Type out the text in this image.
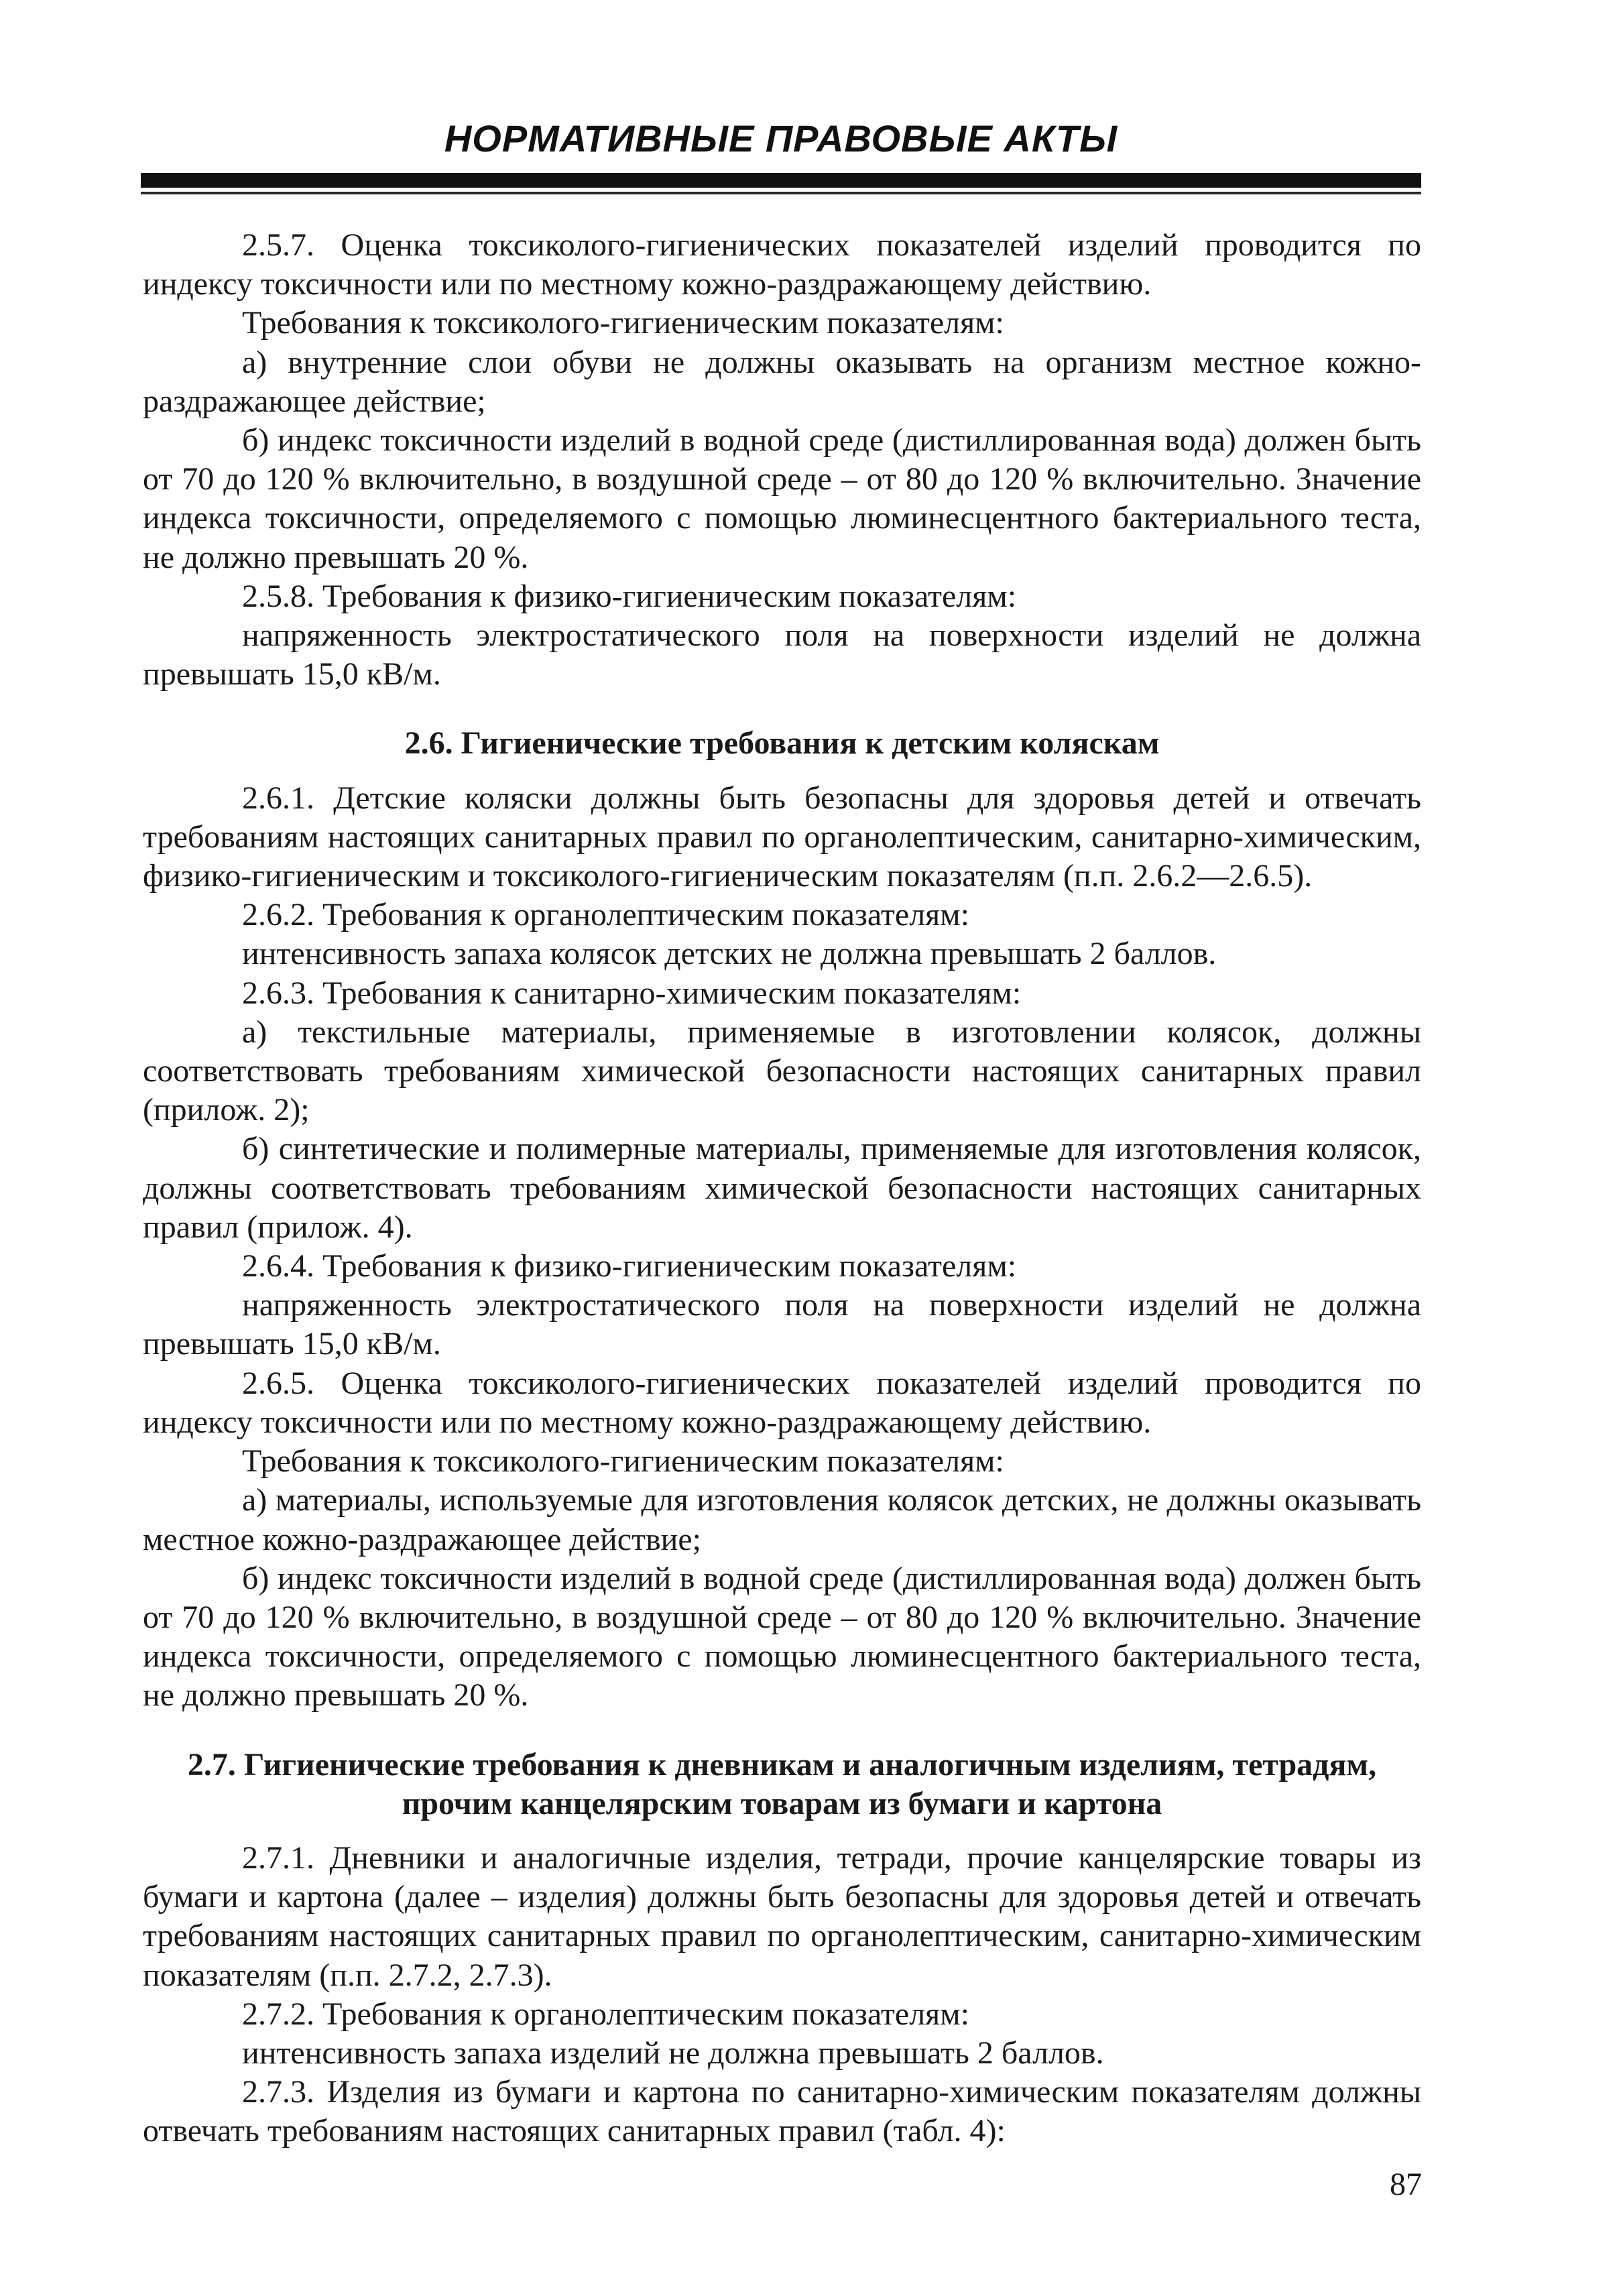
НОРМАТИВНЫЕ ПРАВОВЫЕ АКТЫ

2.5.7. Оценка токсиколого-гигиенических показателей изделий проводится по индексу токсичности или по местному кожно-раздражающему действию.

Требования к токсиколого-гигиеническим показателям:

а) внутренние слои обуви не должны оказывать на организм местное кожно-раздражающее действие;

б) индекс токсичности изделий в водной среде (дистиллированная вода) должен быть от 70 до 120 % включительно, в воздушной среде – от 80 до 120 % включительно. Значение индекса токсичности, определяемого с помощью люминесцентного бактериального теста, не должно превышать 20 %.

2.5.8. Требования к физико-гигиеническим показателям:

напряженность электростатического поля на поверхности изделий не должна превышать 15,0 кВ/м.

2.6. Гигиенические требования к детским коляскам

2.6.1. Детские коляски должны быть безопасны для здоровья детей и отвечать требованиям настоящих санитарных правил по органолептическим, санитарно-химическим, физико-гигиеническим и токсиколого-гигиеническим показателям (п.п. 2.6.2—2.6.5).

2.6.2. Требования к органолептическим показателям:

интенсивность запаха колясок детских не должна превышать 2 баллов.

2.6.3. Требования к санитарно-химическим показателям:

а) текстильные материалы, применяемые в изготовлении колясок, должны соответствовать требованиям химической безопасности настоящих санитарных правил (прилож. 2);

б) синтетические и полимерные материалы, применяемые для изготовления колясок, должны соответствовать требованиям химической безопасности настоящих санитарных правил (прилож. 4).

2.6.4. Требования к физико-гигиеническим показателям:

напряженность электростатического поля на поверхности изделий не должна превышать 15,0 кВ/м.

2.6.5. Оценка токсиколого-гигиенических показателей изделий проводится по индексу токсичности или по местному кожно-раздражающему действию.

Требования к токсиколого-гигиеническим показателям:

а) материалы, используемые для изготовления колясок детских, не должны оказывать местное кожно-раздражающее действие;

б) индекс токсичности изделий в водной среде (дистиллированная вода) должен быть от 70 до 120 % включительно, в воздушной среде – от 80 до 120 % включительно. Значение индекса токсичности, определяемого с помощью люминесцентного бактериального теста, не должно превышать 20 %.

2.7. Гигиенические требования к дневникам и аналогичным изделиям, тетрадям, прочим канцелярским товарам из бумаги и картона

2.7.1. Дневники и аналогичные изделия, тетради, прочие канцелярские товары из бумаги и картона (далее – изделия) должны быть безопасны для здоровья детей и отвечать требованиям настоящих санитарных правил по органолептическим, санитарно-химическим показателям (п.п. 2.7.2, 2.7.3).

2.7.2. Требования к органолептическим показателям:

интенсивность запаха изделий не должна превышать 2 баллов.

2.7.3. Изделия из бумаги и картона по санитарно-химическим показателям должны отвечать требованиям настоящих санитарных правил (табл. 4):

87
